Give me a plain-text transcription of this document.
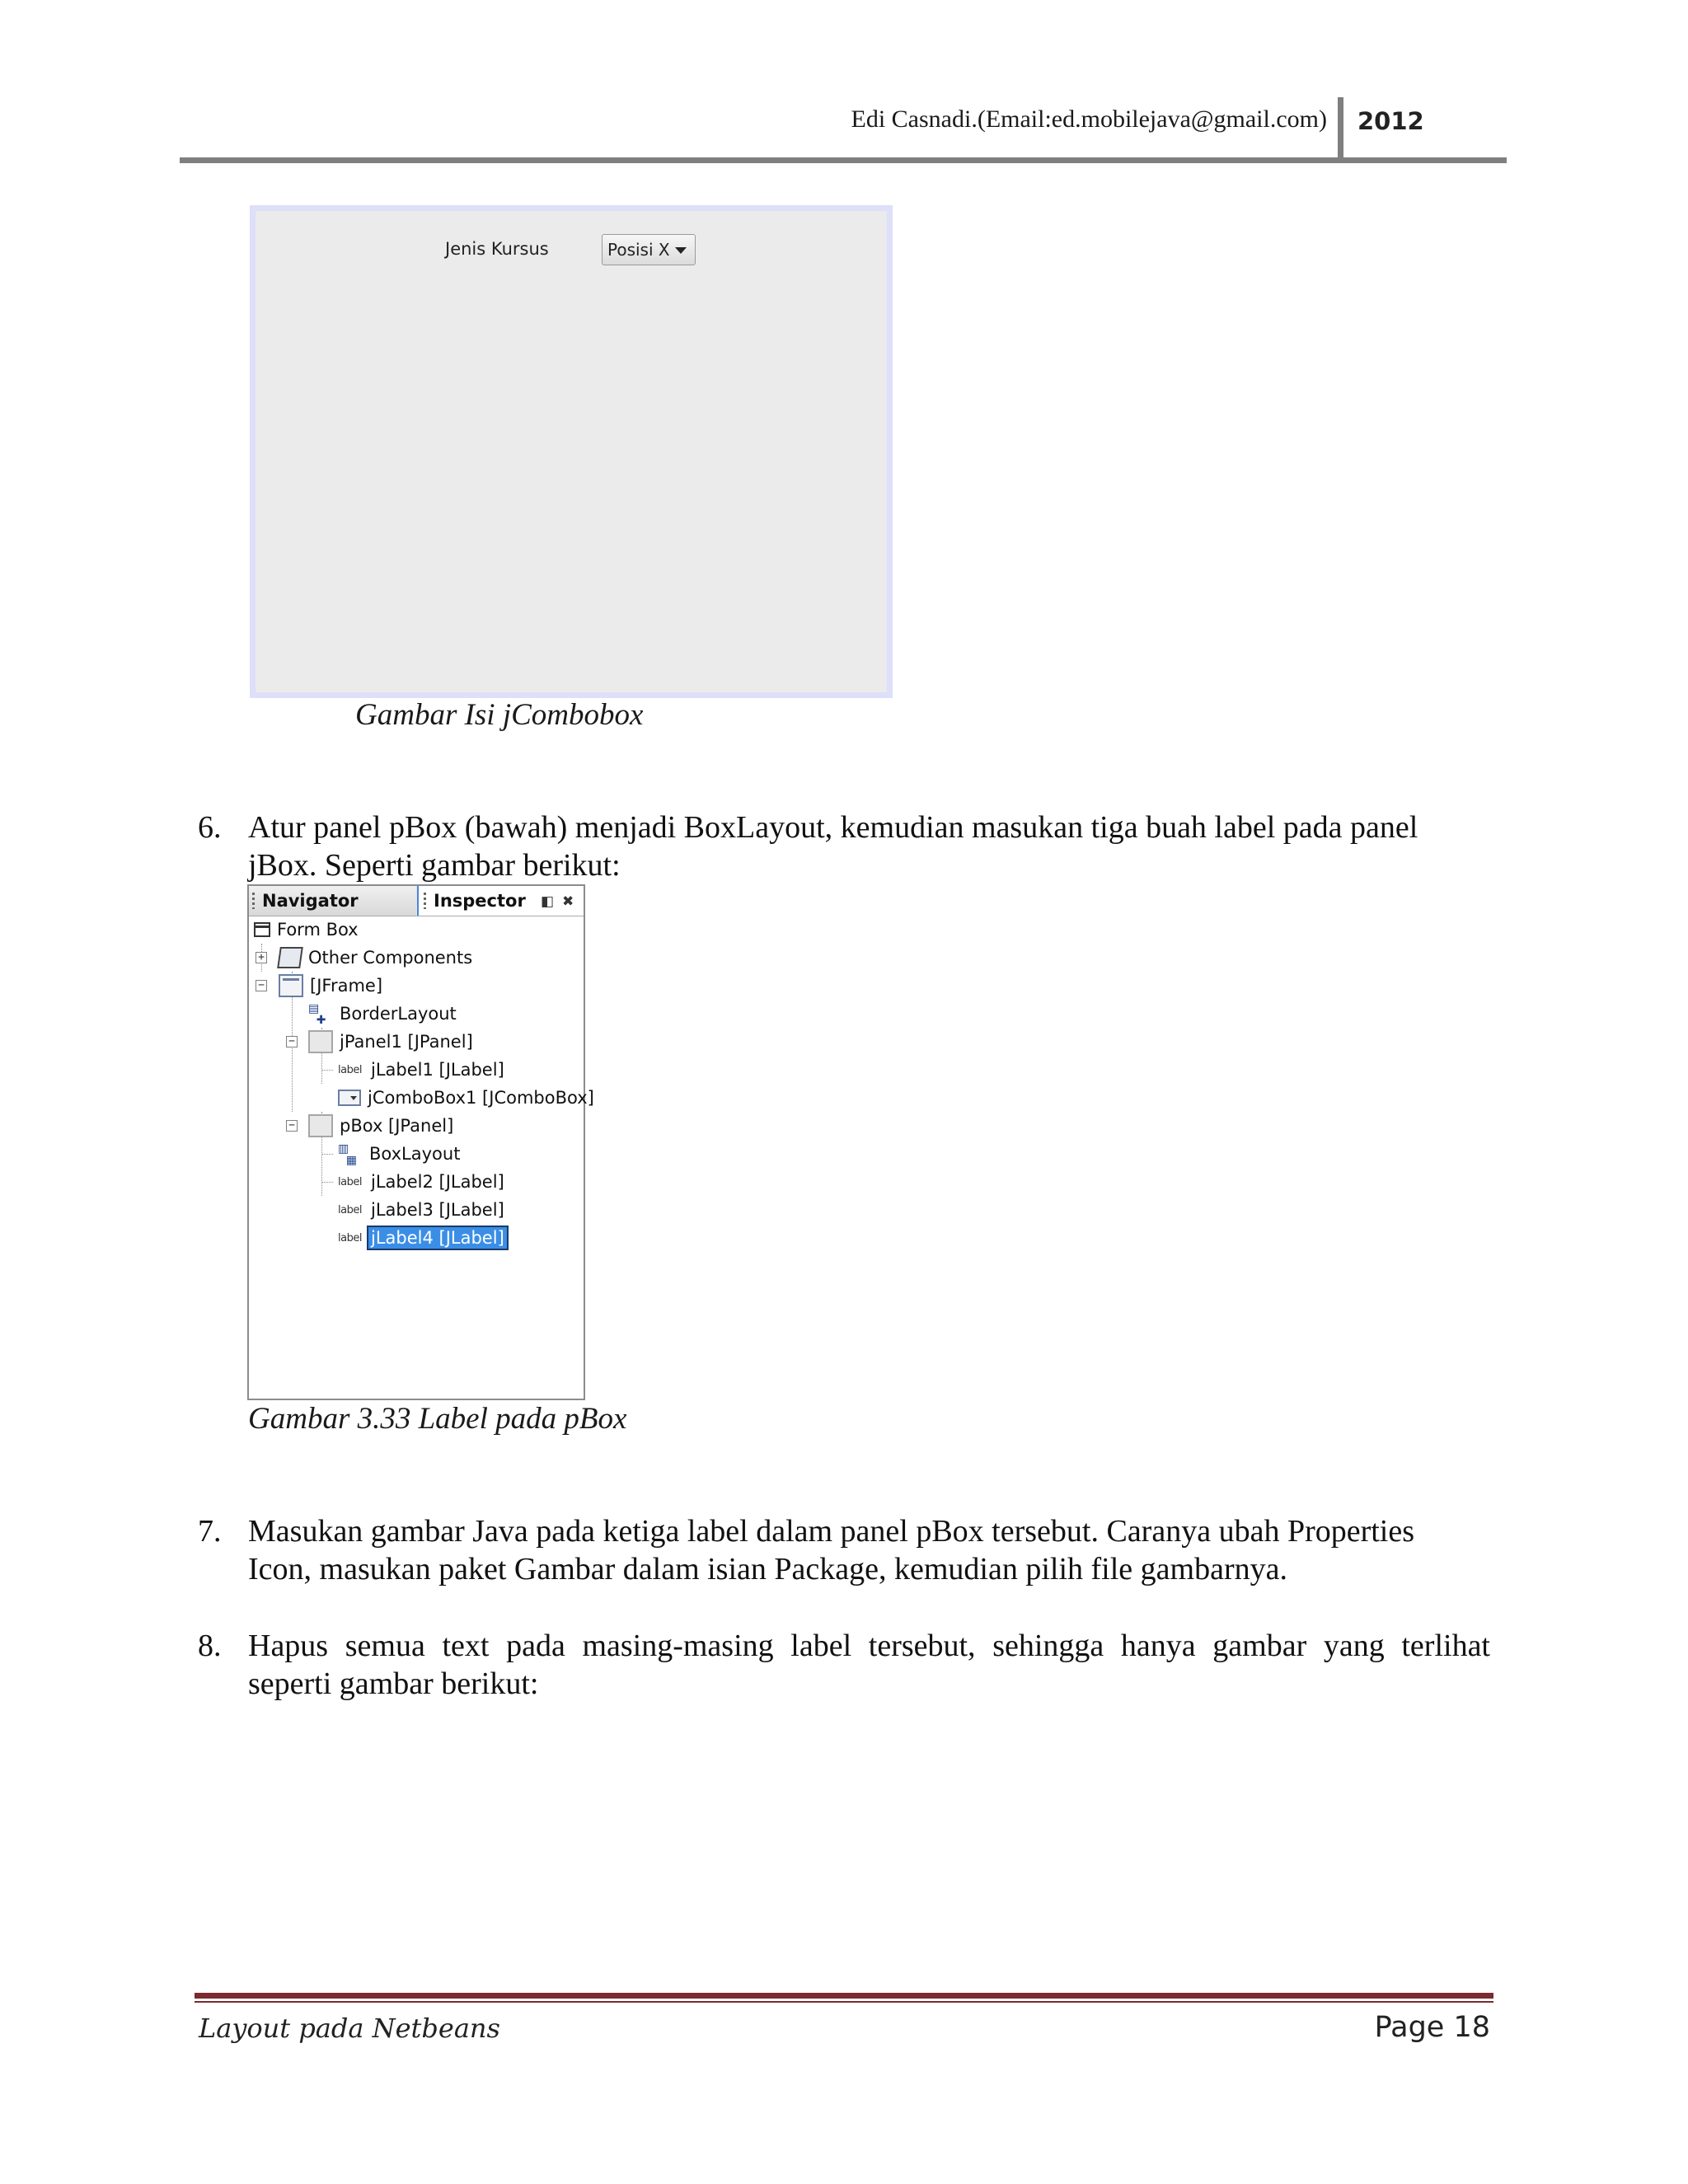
Edi Casnadi.(Email:ed.mobilejava@gmail.com) 2012
Jenis Kursus	Posisi X
Gambar Isi jCombobox
6. Atur panel pBox (bawah) menjadi BoxLayout, kemudian masukan tiga buah label pada panel
jBox. Seperti gambar berikut:
Navigator	Inspector ◧ ✖
Form Box
+	Other Components
−	[JFrame]
▤
✚ BorderLayout
−	jPanel1 [JPanel]
label jLabel1 [JLabel]
jComboBox1 [JComboBox]
−	pBox [JPanel]
▥
▦ BoxLayout
label jLabel2 [JLabel]
label jLabel3 [JLabel]
label jLabel4 [JLabel]
Gambar 3.33 Label pada pBox
7. Masukan gambar Java pada ketiga label dalam panel pBox tersebut. Caranya ubah Properties
Icon, masukan paket Gambar dalam isian Package, kemudian pilih file gambarnya.
8. Hapus semua text pada masing-masing label tersebut, sehingga hanya gambar yang terlihat
seperti gambar berikut:
Layout pada Netbeans	Page 18
